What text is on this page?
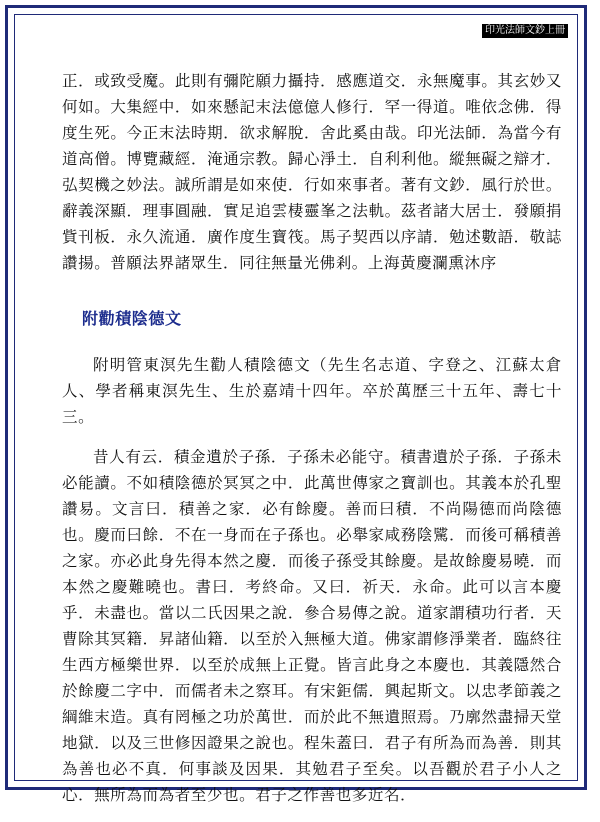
印光法師文鈔上冊

正．或致受魔。此則有彌陀願力攝持．感應道交．永無魔事。其玄妙又何如。大集經中．如來懸記末法億億人修行．罕一得道。唯依念佛．得度生死。今正末法時期．欲求解脫．舍此奚由哉。印光法師．為當今有道高僧。博覽藏經．淹通宗教。歸心淨土．自利利他。縱無礙之辯才．弘契機之妙法。誠所謂是如來使．行如來事者。著有文鈔．風行於世。辭義深顯．理事圓融．實足追雲棲靈峯之法軌。茲者諸大居士．發願捐貲刊板．永久流通．廣作度生寶筏。馬子契西以序請．勉述數語．敬誌讚揚。普願法界諸眾生．同往無量光佛剎。上海黃慶瀾熏沐序

附勸積陰德文

附明管東溟先生勸人積陰德文（先生名志道、字登之、江蘇太倉人、學者稱東溟先生、生於嘉靖十四年。卒於萬歷三十五年、壽七十三。

昔人有云．積金遺於子孫．子孫未必能守。積書遺於子孫．子孫未必能讀。不如積陰德於冥冥之中．此萬世傳家之寶訓也。其義本於孔聖讚易。文言曰．積善之家．必有餘慶。善而曰積．不尚陽德而尚陰德也。慶而曰餘．不在一身而在子孫也。必舉家咸務陰騭．而後可稱積善之家。亦必此身先得本然之慶．而後子孫受其餘慶。是故餘慶易曉．而本然之慶難曉也。書曰．考終命。又曰．祈天．永命。此可以言本慶乎．未盡也。當以二氏因果之說．參合易傳之說。道家謂積功行者．天曹除其冥籍．昇諸仙籍．以至於入無極大道。佛家謂修淨業者．臨終往生西方極樂世界．以至於成無上正覺。皆言此身之本慶也．其義隱然合於餘慶二字中．而儒者未之察耳。有宋鉅儒．興起斯文。以忠孝節義之綱維末造。真有罔極之功於萬世．而於此不無遺照焉。乃廓然盡掃天堂地獄．以及三世修因證果之說也。程朱蓋曰．君子有所為而為善．則其為善也必不真．何事談及因果．其勉君子至矣。以吾觀於君子小人之心．無所為而為者至少也。君子之作善也多近名．
